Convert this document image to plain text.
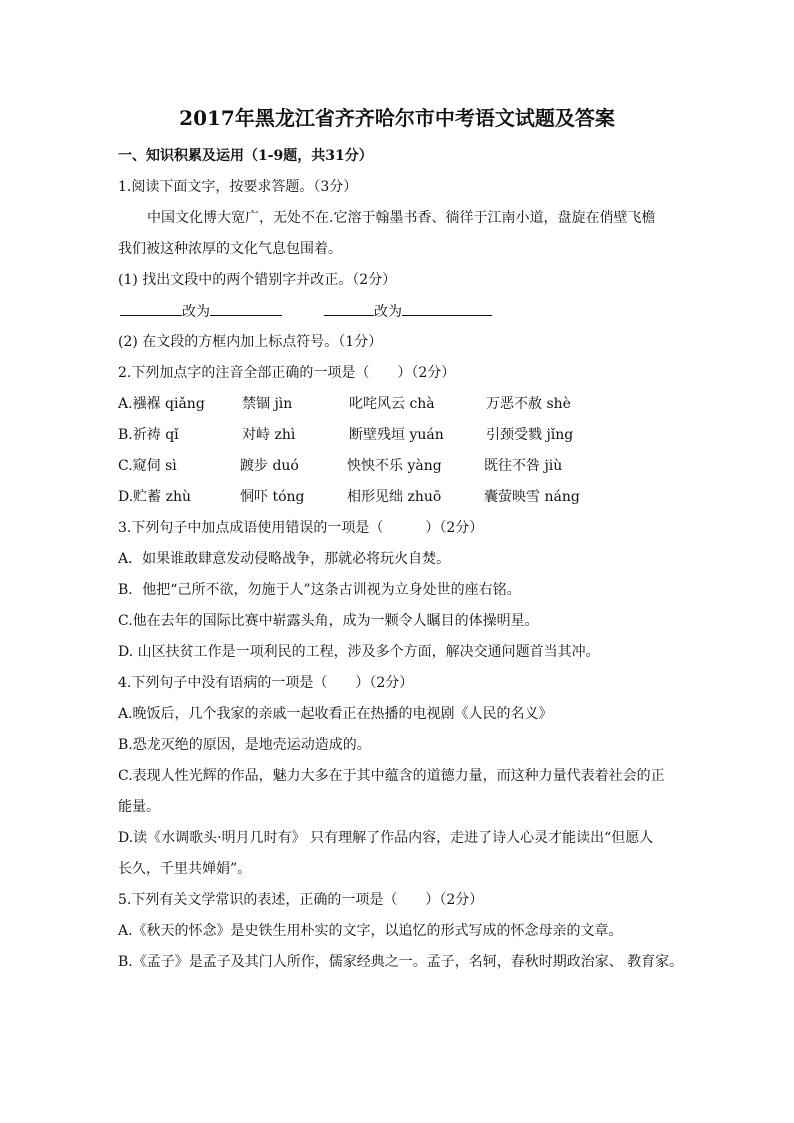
2017年黑龙江省齐齐哈尔市中考语文试题及答案
一、知识积累及运用（1-9题，共31分）
1.阅读下面文字，按要求答题。（3分）
中国文化博大宽广，无处不在.它溶于翰墨书香、徜徉于江南小道，盘旋在俏壁飞檐
我们被这种浓厚的文化气息包围着。
(1) 找出文段中的两个错别字并改正。（2分）
改为	改为
(2) 在文段的方框内加上标点符号。（1分）
2.下列加点字的注音全部正确的一项是（　　）（2分）
A.襁褓 qiǎng	禁锢 jìn	叱咤风云 chà	万恶不赦 shè
B.祈祷 qǐ	对峙 zhì	断壁残垣 yuán	引颈受戮 jǐng
C.窥伺 sì	踱步 duó	怏怏不乐 yàng	既往不咎 jiù
D.贮蓄 zhù	恫吓 tóng	相形见绌 zhuō	囊萤映雪 náng
3.下列句子中加点成语使用错误的一项是（　　　）（2分）
A．如果谁敢肆意发动侵略战争，那就必将玩火自焚。
B．他把“己所不欲，勿施于人”这条古训视为立身处世的座右铭。
C.他在去年的国际比赛中崭露头角，成为一颗令人瞩目的体操明星。
D. 山区扶贫工作是一项利民的工程，涉及多个方面，解决交通问题首当其冲。
4.下列句子中没有语病的一项是（　　）（2分）
A.晚饭后，几个我家的亲戚一起收看正在热播的电视剧《人民的名义》
B.恐龙灭绝的原因，是地壳运动造成的。
C.表现人性光辉的作品，魅力大多在于其中蕴含的道德力量，而这种力量代表着社会的正
能量。
D.读《水调歌头·明月几时有》 只有理解了作品内容，走进了诗人心灵才能读出“但愿人
长久，千里共婵娟”。
5.下列有关文学常识的表述，正确的一项是（　　）（2分）
A.《秋天的怀念》是史铁生用朴实的文字，以追忆的形式写成的怀念母亲的文章。
B.《孟子》是孟子及其门人所作，儒家经典之一。孟子，名轲，春秋时期政治家、 教育家。
